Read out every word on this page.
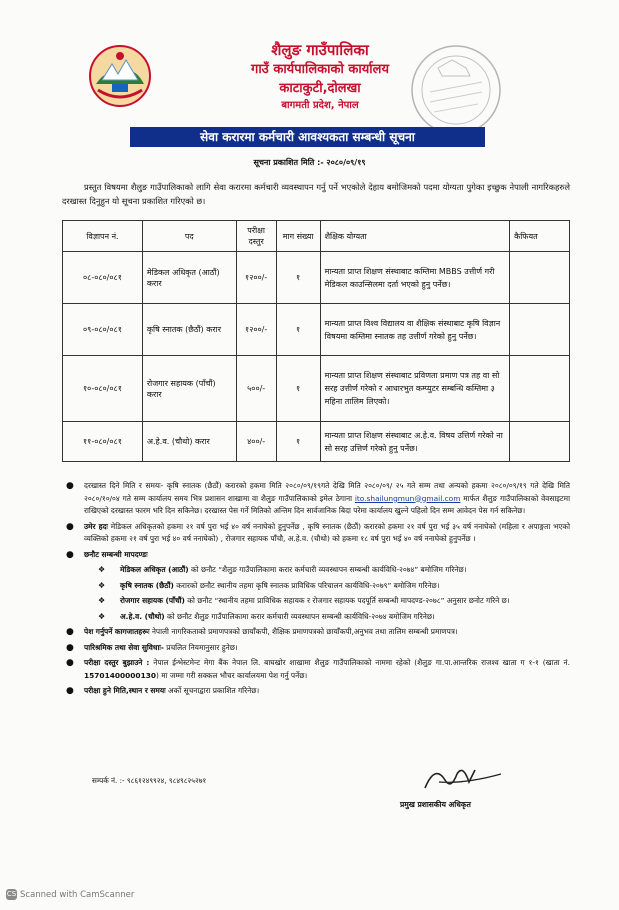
शैलुङ गाउँपालिका
गाउँ कार्यपालिकाको कार्यालय
काटाकुटी,दोलखा
बागमती प्रदेश, नेपाल
सेवा करारमा कर्मचारी आवश्यकता सम्बन्धी सूचना
सूचना प्रकाशित मिति :- २०८०/०९/१९
प्रस्तुत विषयमा शैलुङ गाउँपालिकाको लागि सेवा करारमा कर्मचारी व्यवस्थापन गर्नु पर्ने भएकोले देहाय बमोजिमको पदमा योग्यता पुगेका इच्छुक नेपाली नागरिकहरुले दरखास्त दिनुहुन यो सूचना प्रकाशित गरिएको छ।
विज्ञापन नं.	पद	परीक्षा दस्तुर	माग संख्या	शैक्षिक योग्यता	कैफियत
०८-०८०/०८१	मेडिकल अधिकृत (आठौं) करार	१२००/-	१	मान्यता प्राप्त शिक्षण संस्थाबाट कम्तिमा MBBS उत्तीर्ण गरी मेडिकल काउन्सिलमा दर्ता भएको हुनु पर्नेछ।	
०९-०८०/०८१	कृषि स्नातक (छैठौं) करार	१२००/-	१	मान्यता प्राप्त विश्व विद्यालय वा शैक्षिक संस्थाबाट कृषि विज्ञान विषयमा कम्तिमा स्नातक तह उत्तीर्ण गरेको हुनु पर्नेछ।	
१०-०८०/०८१	रोजगार सहायक (पाँचौं) करार	५००/-	१	मान्यता प्राप्त शिक्षण संस्थाबाट प्रविणता प्रमाण पत्र तह वा सो सरह उत्तीर्ण गरेको र आधारभुत कम्प्युटर सम्बन्धि कम्तिमा ३ महिना तालिम लिएको।	
११-०८०/०८१	अ.हे.व. (चौथो) करार	४००/-	१	मान्यता प्राप्त शिक्षण संस्थाबाट अ.हे.व. विषय उत्तिर्ण गरेको ना सो सरह उत्तिर्ण गरेको हुनु पर्नेछ।	
● दरखास्त दिने मिति र समयः- कृषि स्नातक (छैठौं) करारको हकमा मिति २०८०/०९/१९गते देखि मिति २०८०/०९/ २५ गते सम्म तथा अन्यको हकमा २०८०/०९/१९ गते देखि मिति २०८०/१०/०४ गते सम्म कार्यालय समय भित्र प्रशासन शाखामा वा शैलुङ गाउँपालिकाको इमेल ठेगाना ito.shailungmun@gmail.com मार्फत शैलुङ गाउँपालिकाको वेवसाइटमा राखिएको दरखास्त फारम भरि दिन सकिनेछ। दरखास्त पेस गर्ने मितिको अन्तिम दिन सार्वजानिक बिदा परेमा कार्यालय खुल्ने पहिलो दिन सम्म आवेदन पेस गर्न सकिनेछ।
● उमेर हदः मेडिकल अधिकृतको हकमा २१ वर्ष पुरा भई ४० वर्ष ननाघेको हुनुपर्नेछ , कृषि स्नातक (छैठौं) करारको हकमा २१ वर्ष पुरा भई ३५ वर्ष ननाघेको (महिला र अपाङ्गता भएको व्यक्तिको हकमा २१ वर्ष पुरा भई ४० वर्ष ननाघेको) , रोजगार सहायक पाँचौ, अ.हे.व. (चौथो) को हकमा १८ वर्ष पुरा भई ४० वर्ष ननाघेको हुनुपर्नेछ ।
● छनौट सम्बन्धी मापदण्डः
❖ मेडिकल अधिकृत (आठौं) को छनौट “शैलुङ गाउँपालिकामा करार कर्मचारी व्यवस्थापन सम्बन्धी कार्यविधि-२०७४” बमोजिम गरिनेछ।
❖ कृषि स्नातक (छैठौं) करारको छनौट स्थानीय तहमा कृषि स्नातक प्राविधिक परिचालन कार्यविधि-२०७९” बमोजिम गरिनेछ।
❖ रोजगार सहायक (पाँचौं) को छनौट “स्थानीय तहमा प्राविधिक सहायक र रोजगार सहायक पदपूर्ति सम्बन्धी मापदण्ड-२०७८” अनुसार छनोट गरिने छ।
❖ अ.हे.व. (चौथो) को छनौट शैलुङ गाउँपालिकामा करार कर्मचारी व्यवस्थापन सम्बन्धी कार्यविधि-२०७४ बमोजिम गरिनेछ।
● पेश गर्नुपर्ने कागजातहरूः नेपाली नागरिकताको प्रमाणपत्रको छायाँकपी, शैक्षिक प्रमाणपत्रको छायाँकपी,अनुभव तथा तालिम सम्बन्धी प्रमाणपत्र।
● पारिश्रमिक तथा सेवा सुविधाः- प्रचलित नियमानुसार हुनेछ।
● परीक्षा दस्तुर बुझाउने : नेपाल ईन्भेस्टमेन्ट मेगा बैंक नेपाल लि. बाघखोर शाखामा शैलुङ गाउँपालिकाको नाममा रहेको (शैलुङ गा.पा.आन्तरिक राजश्व खाता ग १-१ (खाता नं. 15701400000130) मा जम्मा गरी सक्कल भौचर कार्यालयमा पेश गर्नु पर्नेछ।
● परीक्षा हुने मिति,स्थान र समयः अर्को सूचनाद्वारा प्रकाशित गरिनेछ।
सम्पर्क नं. :- ९८६१२४९९२४, ९८४९८२५२७१
प्रमुख प्रशासकीय अधिकृत
CS Scanned with CamScanner
